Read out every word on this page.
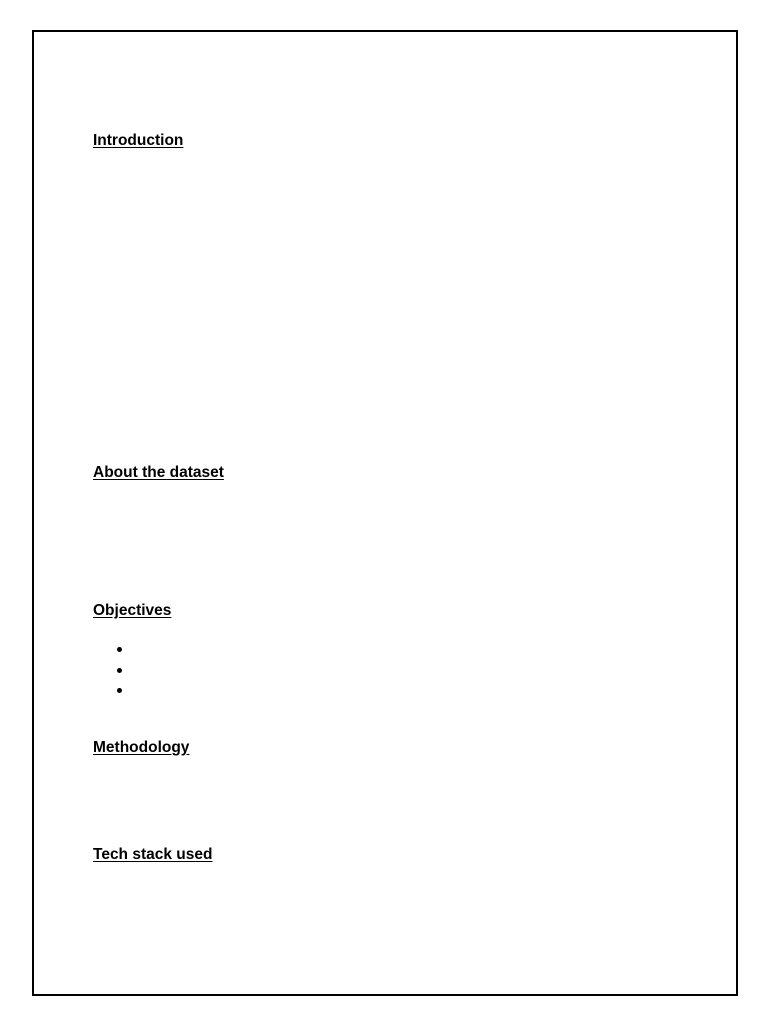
Introduction
About the dataset
Objectives
Methodology
Tech stack used
